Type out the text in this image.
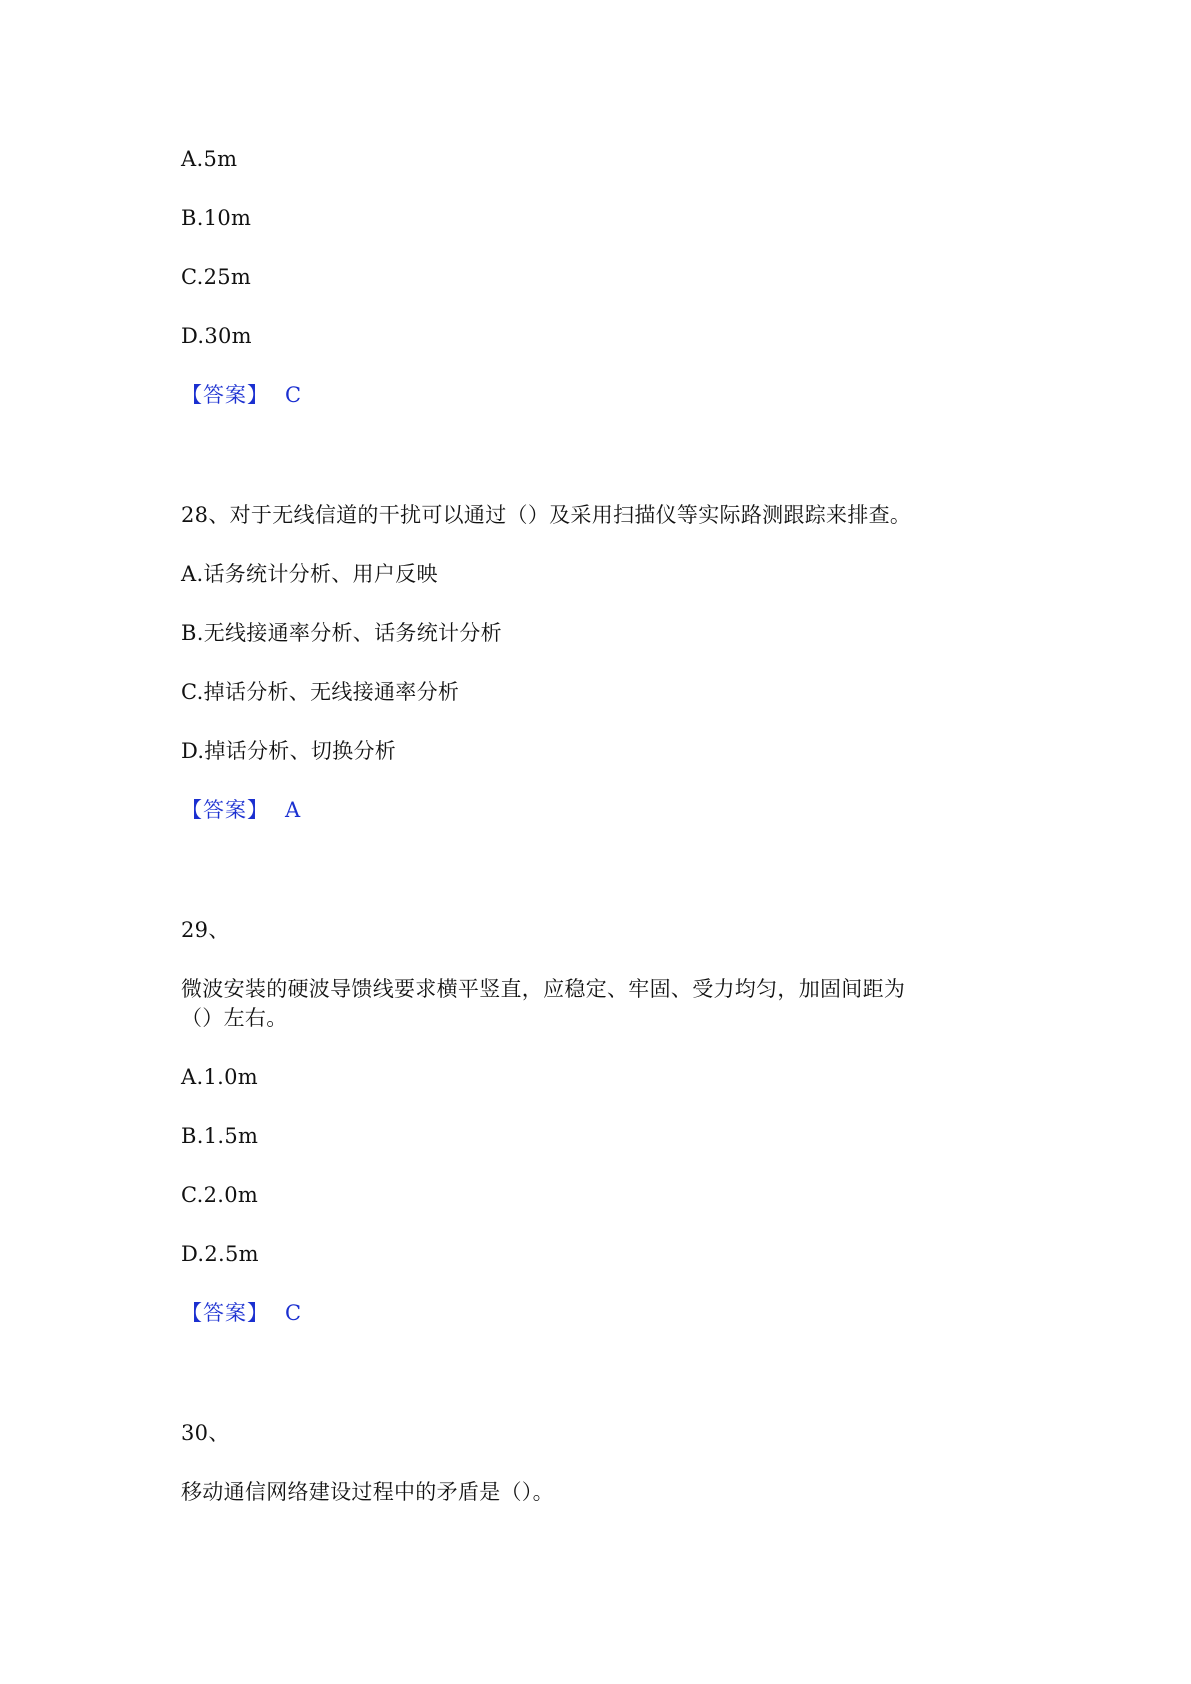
A.5m
B.10m
C.25m
D.30m
【答案】 C
28、对于无线信道的干扰可以通过（）及采用扫描仪等实际路测跟踪来排查。
A.话务统计分析、用户反映
B.无线接通率分析、话务统计分析
C.掉话分析、无线接通率分析
D.掉话分析、切换分析
【答案】 A
29、
微波安装的硬波导馈线要求横平竖直，应稳定、牢固、受力均匀，加固间距为
（）左右。
A.1.0m
B.1.5m
C.2.0m
D.2.5m
【答案】 C
30、
移动通信网络建设过程中的矛盾是（）。
